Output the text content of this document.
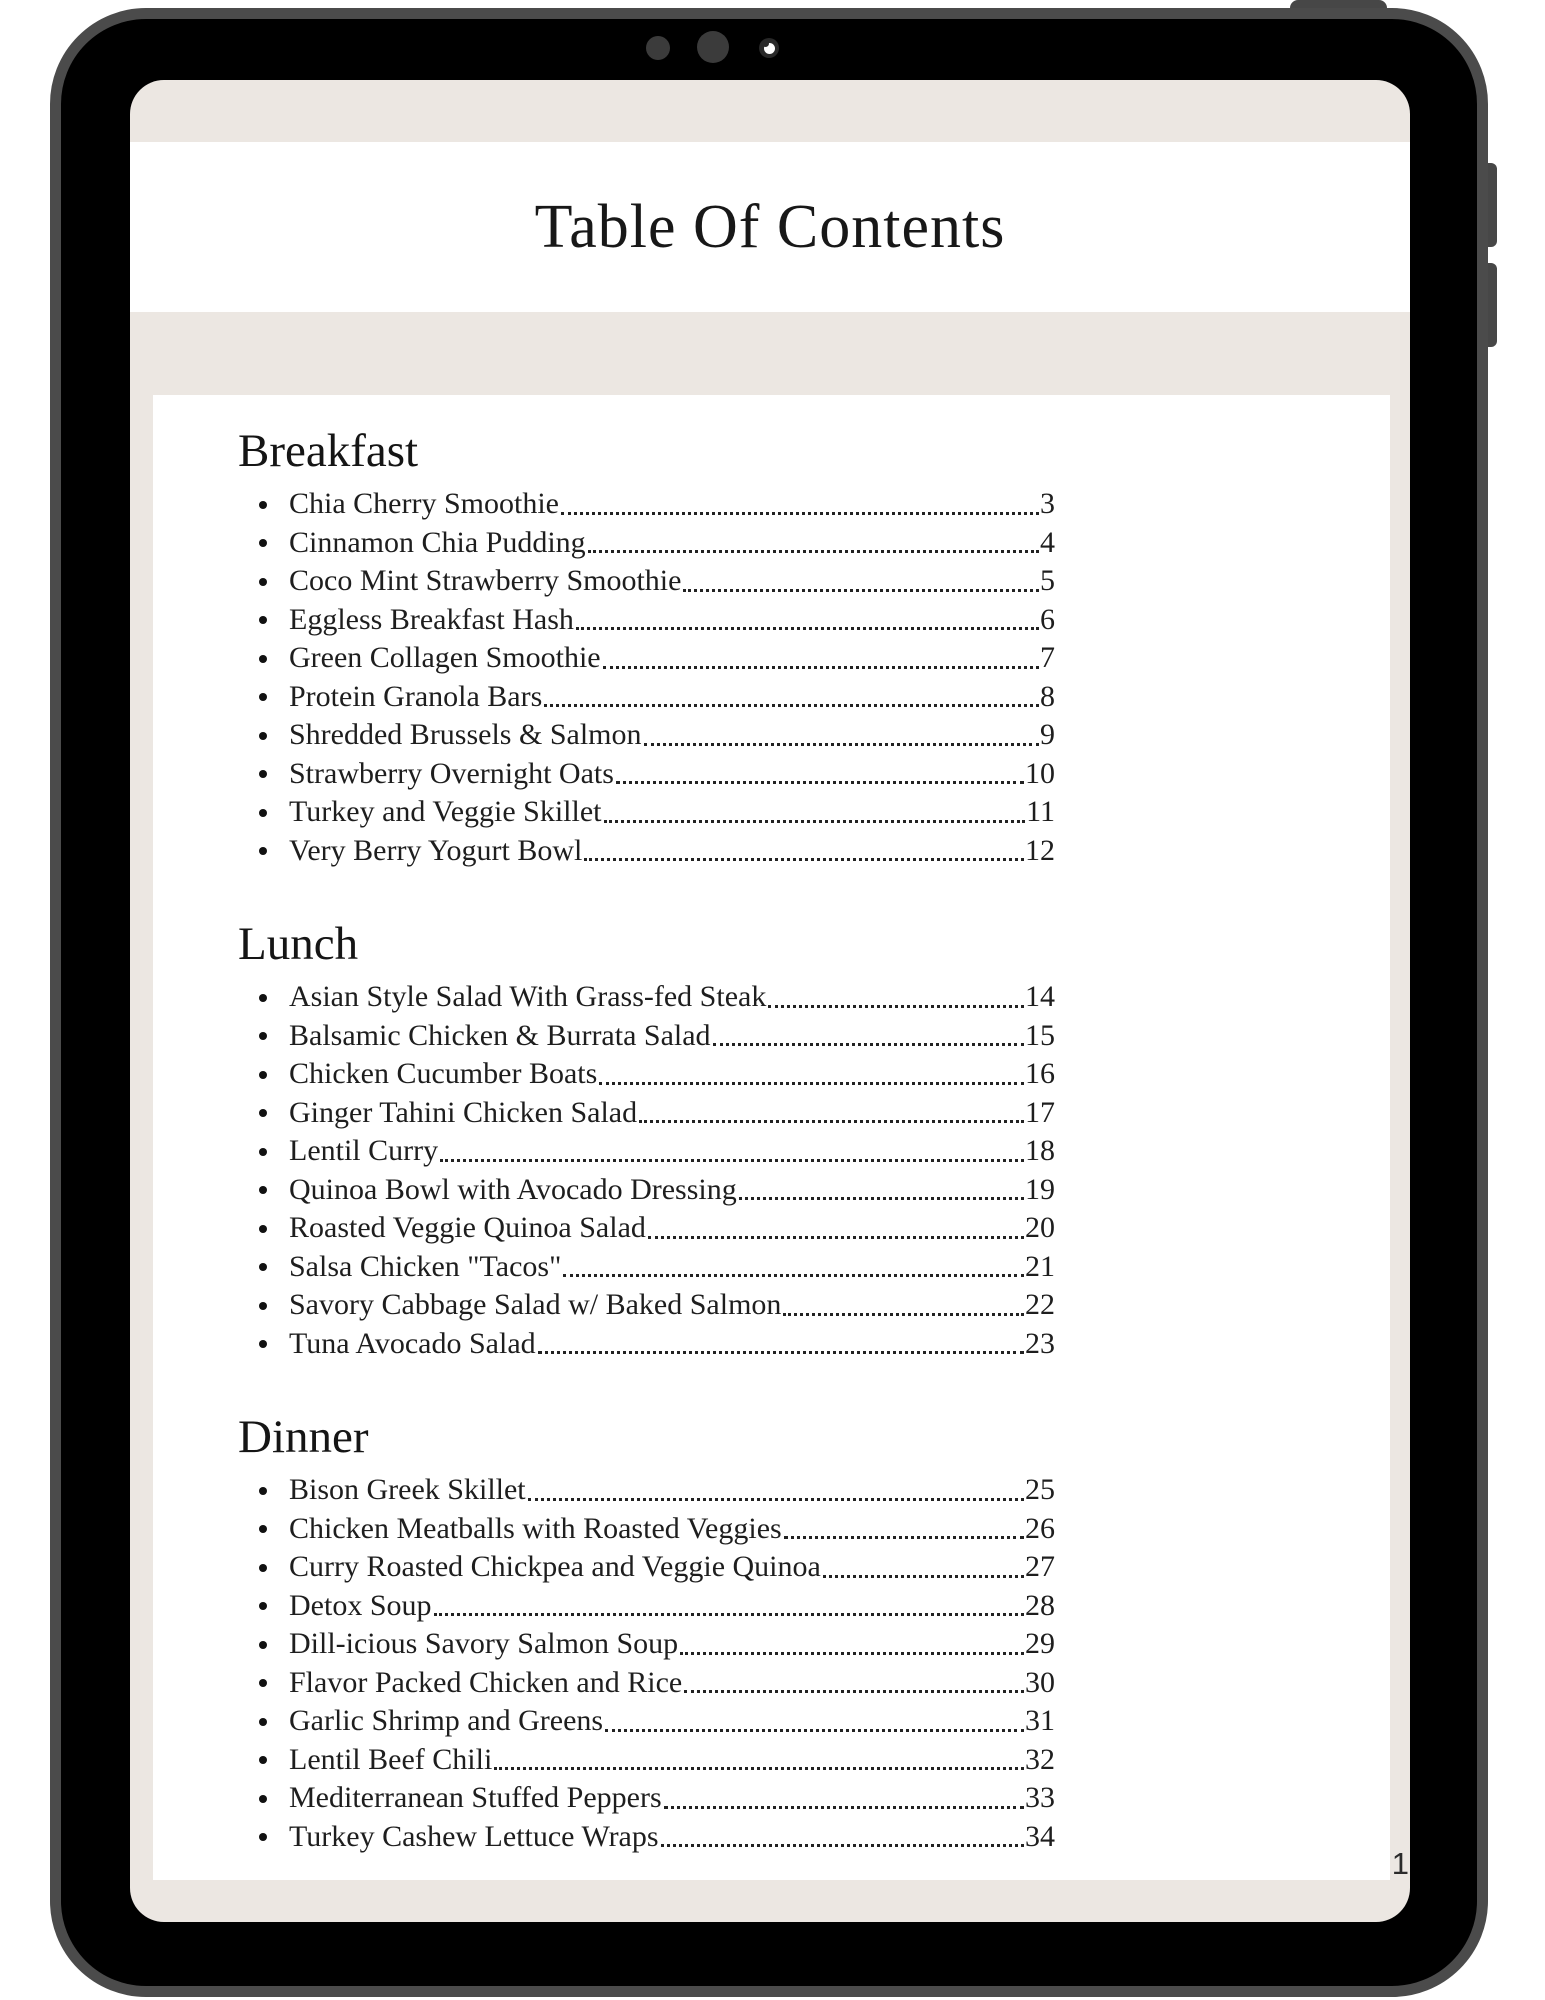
Table Of Contents
Breakfast
Chia Cherry Smoothie	3
Cinnamon Chia Pudding	4
Coco Mint Strawberry Smoothie	5
Eggless Breakfast Hash	6
Green Collagen Smoothie	7
Protein Granola Bars	8
Shredded Brussels & Salmon	9
Strawberry Overnight Oats	10
Turkey and Veggie Skillet	11
Very Berry Yogurt Bowl	12
Lunch
Asian Style Salad With Grass-fed Steak	14
Balsamic Chicken & Burrata Salad	15
Chicken Cucumber Boats	16
Ginger Tahini Chicken Salad	17
Lentil Curry	18
Quinoa Bowl with Avocado Dressing	19
Roasted Veggie Quinoa Salad	20
Salsa Chicken "Tacos"	21
Savory Cabbage Salad w/ Baked Salmon	22
Tuna Avocado Salad	23
Dinner
Bison Greek Skillet	25
Chicken Meatballs with Roasted Veggies	26
Curry Roasted Chickpea and Veggie Quinoa	27
Detox Soup	28
Dill-icious Savory Salmon Soup	29
Flavor Packed Chicken and Rice	30
Garlic Shrimp and Greens	31
Lentil Beef Chili	32
Mediterranean Stuffed Peppers	33
Turkey Cashew Lettuce Wraps	34
1
